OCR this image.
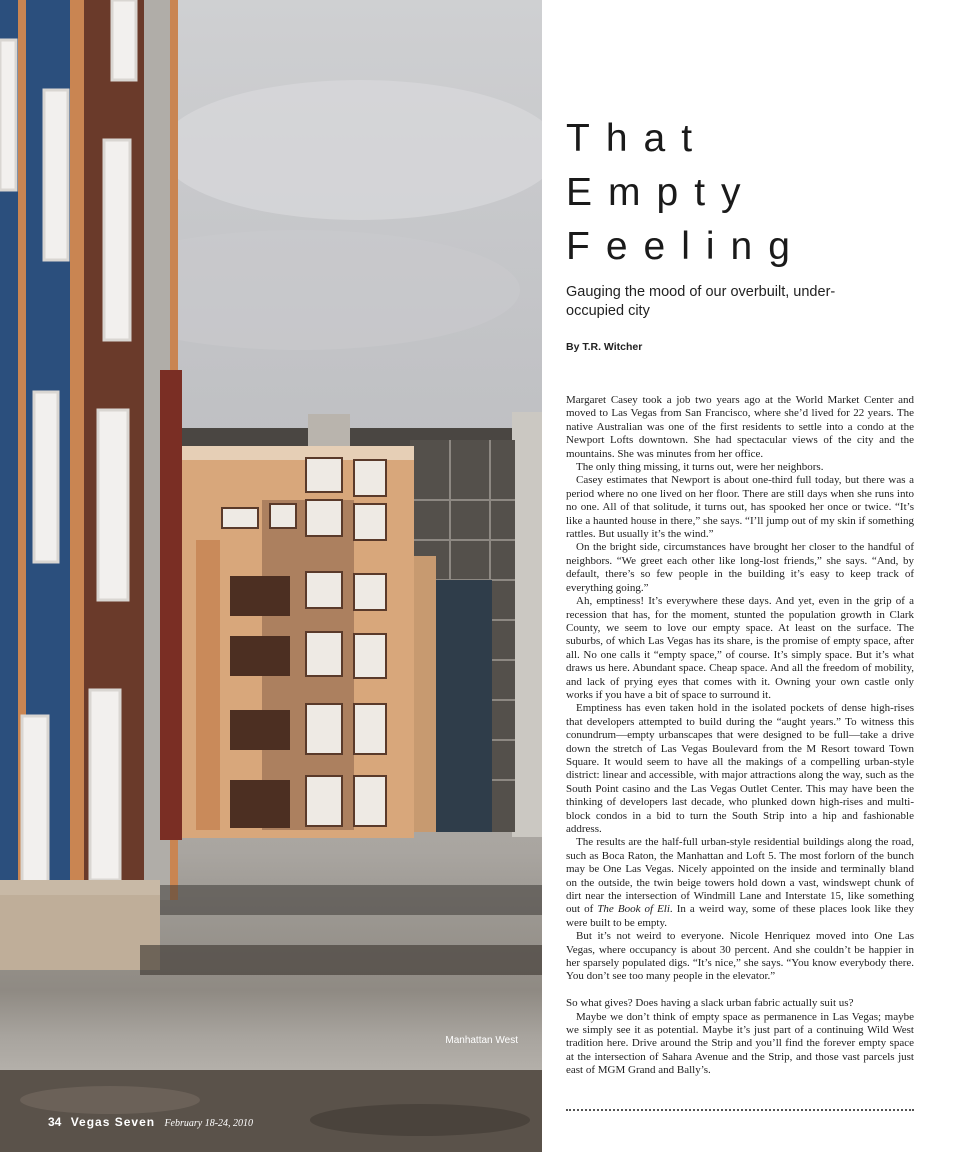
Manhattan West
34 Vegas Seven February 18-24, 2010
That
Empty
Feeling

Gauging the mood of our overbuilt, under-occupied city

By T.R. Witcher

Margaret Casey took a job two years ago at the World Market Center and moved to Las Vegas from San Francisco, where she’d lived for 22 years. The native Australian was one of the first residents to settle into a condo at the Newport Lofts downtown. She had spectacular views of the city and the mountains. She was minutes from her office.

The only thing missing, it turns out, were her neighbors.

Casey estimates that Newport is about one-third full today, but there was a period where no one lived on her floor. There are still days when she runs into no one. All of that solitude, it turns out, has spooked her once or twice. “It’s like a haunted house in there,” she says. “I’ll jump out of my skin if something rattles. But usually it’s the wind.”

On the bright side, circumstances have brought her closer to the handful of neighbors. “We greet each other like long-lost friends,” she says. “And, by default, there’s so few people in the building it’s easy to keep track of everything going.”

Ah, emptiness! It’s everywhere these days. And yet, even in the grip of a recession that has, for the moment, stunted the population growth in Clark County, we seem to love our empty space. At least on the surface. The suburbs, of which Las Vegas has its share, is the promise of empty space, after all. No one calls it “empty space,” of course. It’s simply space. But it’s what draws us here. Abundant space. Cheap space. And all the freedom of mobility, and lack of prying eyes that comes with it. Owning your own castle only works if you have a bit of space to surround it.

Emptiness has even taken hold in the isolated pockets of dense high-rises that developers attempted to build during the “aught years.” To witness this conundrum—empty urbanscapes that were designed to be full—take a drive down the stretch of Las Vegas Boulevard from the M Resort toward Town Square. It would seem to have all the makings of a compelling urban-style district: linear and accessible, with major attractions along the way, such as the South Point casino and the Las Vegas Outlet Center. This may have been the thinking of developers last decade, who plunked down high-rises and multi-block condos in a bid to turn the South Strip into a hip and fashionable address.

The results are the half-full urban-style residential buildings along the road, such as Boca Raton, the Manhattan and Loft 5. The most forlorn of the bunch may be One Las Vegas. Nicely appointed on the inside and terminally bland on the outside, the twin beige towers hold down a vast, windswept chunk of dirt near the intersection of Windmill Lane and Interstate 15, like something out of The Book of Eli. In a weird way, some of these places look like they were built to be empty.

But it’s not weird to everyone. Nicole Henriquez moved into One Las Vegas, where occupancy is about 30 percent. And she couldn’t be happier in her sparsely populated digs. “It’s nice,” she says. “You know everybody there. You don’t see too many people in the elevator.”

So what gives? Does having a slack urban fabric actually suit us?

Maybe we don’t think of empty space as permanence in Las Vegas; maybe we simply see it as potential. Maybe it’s just part of a continuing Wild West tradition here. Drive around the Strip and you’ll find the forever empty space at the intersection of Sahara Avenue and the Strip, and those vast parcels just east of MGM Grand and Bally’s.
